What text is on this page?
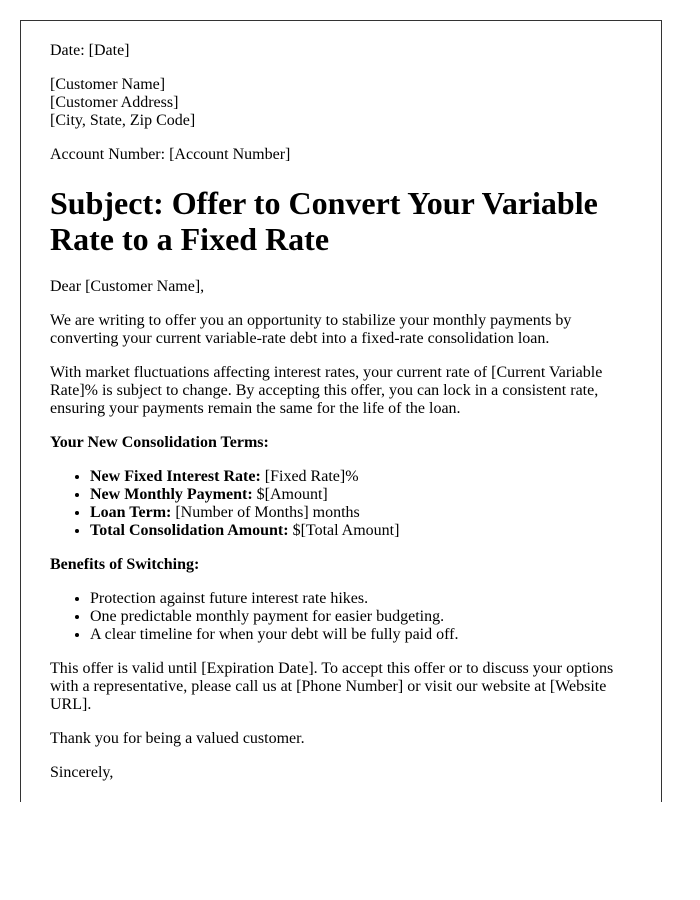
Date: [Date]

[Customer Name]

[Customer Address]

[City, State, Zip Code]

Account Number: [Account Number]

Subject: Offer to Convert Your Variable Rate to a Fixed Rate

Dear [Customer Name],

We are writing to offer you an opportunity to stabilize your monthly payments by converting your current variable-rate debt into a fixed-rate consolidation loan.

With market fluctuations affecting interest rates, your current rate of [Current Variable Rate]% is subject to change. By accepting this offer, you can lock in a consistent rate, ensuring your payments remain the same for the life of the loan.

Your New Consolidation Terms:

• New Fixed Interest Rate: [Fixed Rate]%
• New Monthly Payment: $[Amount]
• Loan Term: [Number of Months] months
• Total Consolidation Amount: $[Total Amount]

Benefits of Switching:

• Protection against future interest rate hikes.
• One predictable monthly payment for easier budgeting.
• A clear timeline for when your debt will be fully paid off.

This offer is valid until [Expiration Date]. To accept this offer or to discuss your options with a representative, please call us at [Phone Number] or visit our website at [Website URL].

Thank you for being a valued customer.

Sincerely,
